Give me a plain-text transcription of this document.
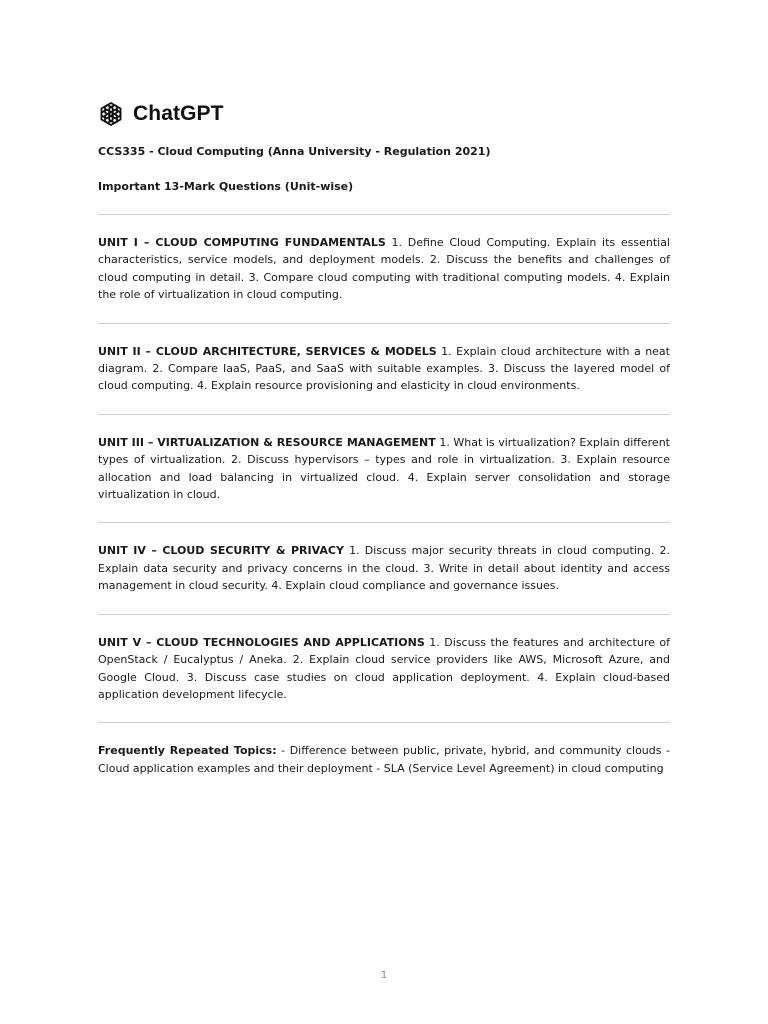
ChatGPT

CCS335 - Cloud Computing (Anna University - Regulation 2021)

Important 13-Mark Questions (Unit-wise)

UNIT I – CLOUD COMPUTING FUNDAMENTALS 1. Define Cloud Computing. Explain its essential characteristics, service models, and deployment models. 2. Discuss the benefits and challenges of cloud computing in detail. 3. Compare cloud computing with traditional computing models. 4. Explain the role of virtualization in cloud computing.

UNIT II – CLOUD ARCHITECTURE, SERVICES & MODELS 1. Explain cloud architecture with a neat diagram. 2. Compare IaaS, PaaS, and SaaS with suitable examples. 3. Discuss the layered model of cloud computing. 4. Explain resource provisioning and elasticity in cloud environments.

UNIT III – VIRTUALIZATION & RESOURCE MANAGEMENT 1. What is virtualization? Explain different types of virtualization. 2. Discuss hypervisors – types and role in virtualization. 3. Explain resource allocation and load balancing in virtualized cloud. 4. Explain server consolidation and storage virtualization in cloud.

UNIT IV – CLOUD SECURITY & PRIVACY 1. Discuss major security threats in cloud computing. 2. Explain data security and privacy concerns in the cloud. 3. Write in detail about identity and access management in cloud security. 4. Explain cloud compliance and governance issues.

UNIT V – CLOUD TECHNOLOGIES AND APPLICATIONS 1. Discuss the features and architecture of OpenStack / Eucalyptus / Aneka. 2. Explain cloud service providers like AWS, Microsoft Azure, and Google Cloud. 3. Discuss case studies on cloud application deployment. 4. Explain cloud-based application development lifecycle.

Frequently Repeated Topics: - Difference between public, private, hybrid, and community clouds - Cloud application examples and their deployment - SLA (Service Level Agreement) in cloud computing

1
